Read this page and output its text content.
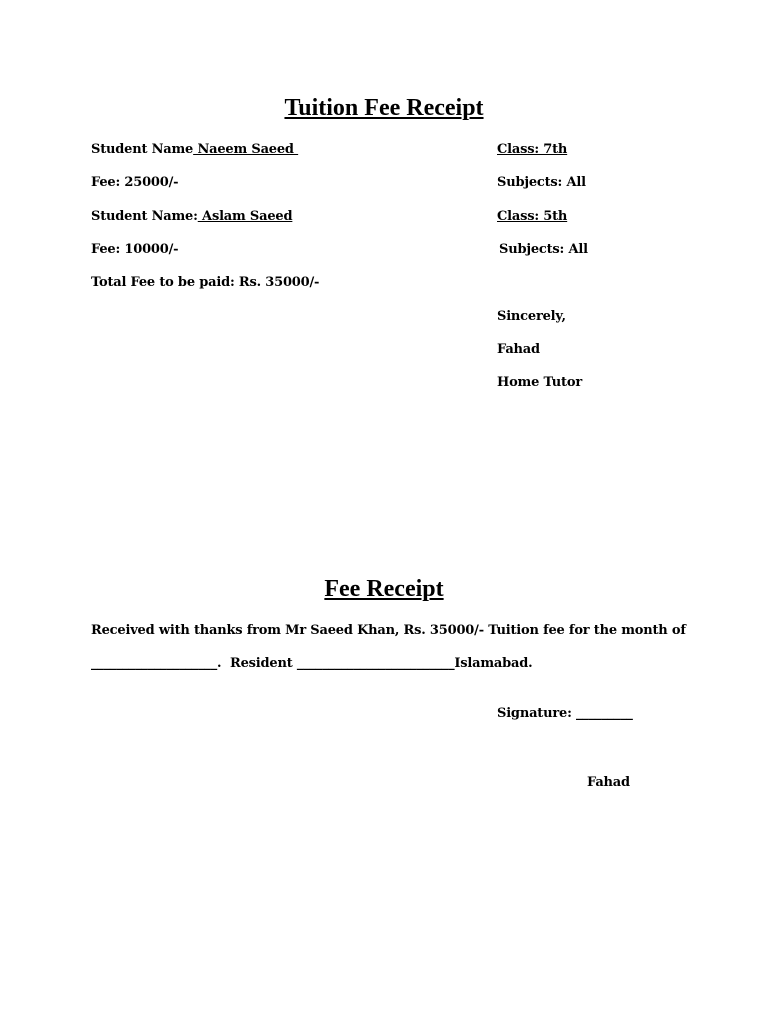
Tuition Fee Receipt
Student Name Naeem Saeed	Class: 7th
Fee: 25000/-	Subjects: All
Student Name: Aslam Saeed	Class: 5th
Fee: 10000/-	Subjects: All
Total Fee to be paid: Rs. 35000/-
Sincerely,
Fahad
Home Tutor
Fee Receipt
Received with thanks from Mr Saeed Khan, Rs. 35000/- Tuition fee for the month of
____________________.  Resident _________________________Islamabad.
Signature: _________
Fahad
